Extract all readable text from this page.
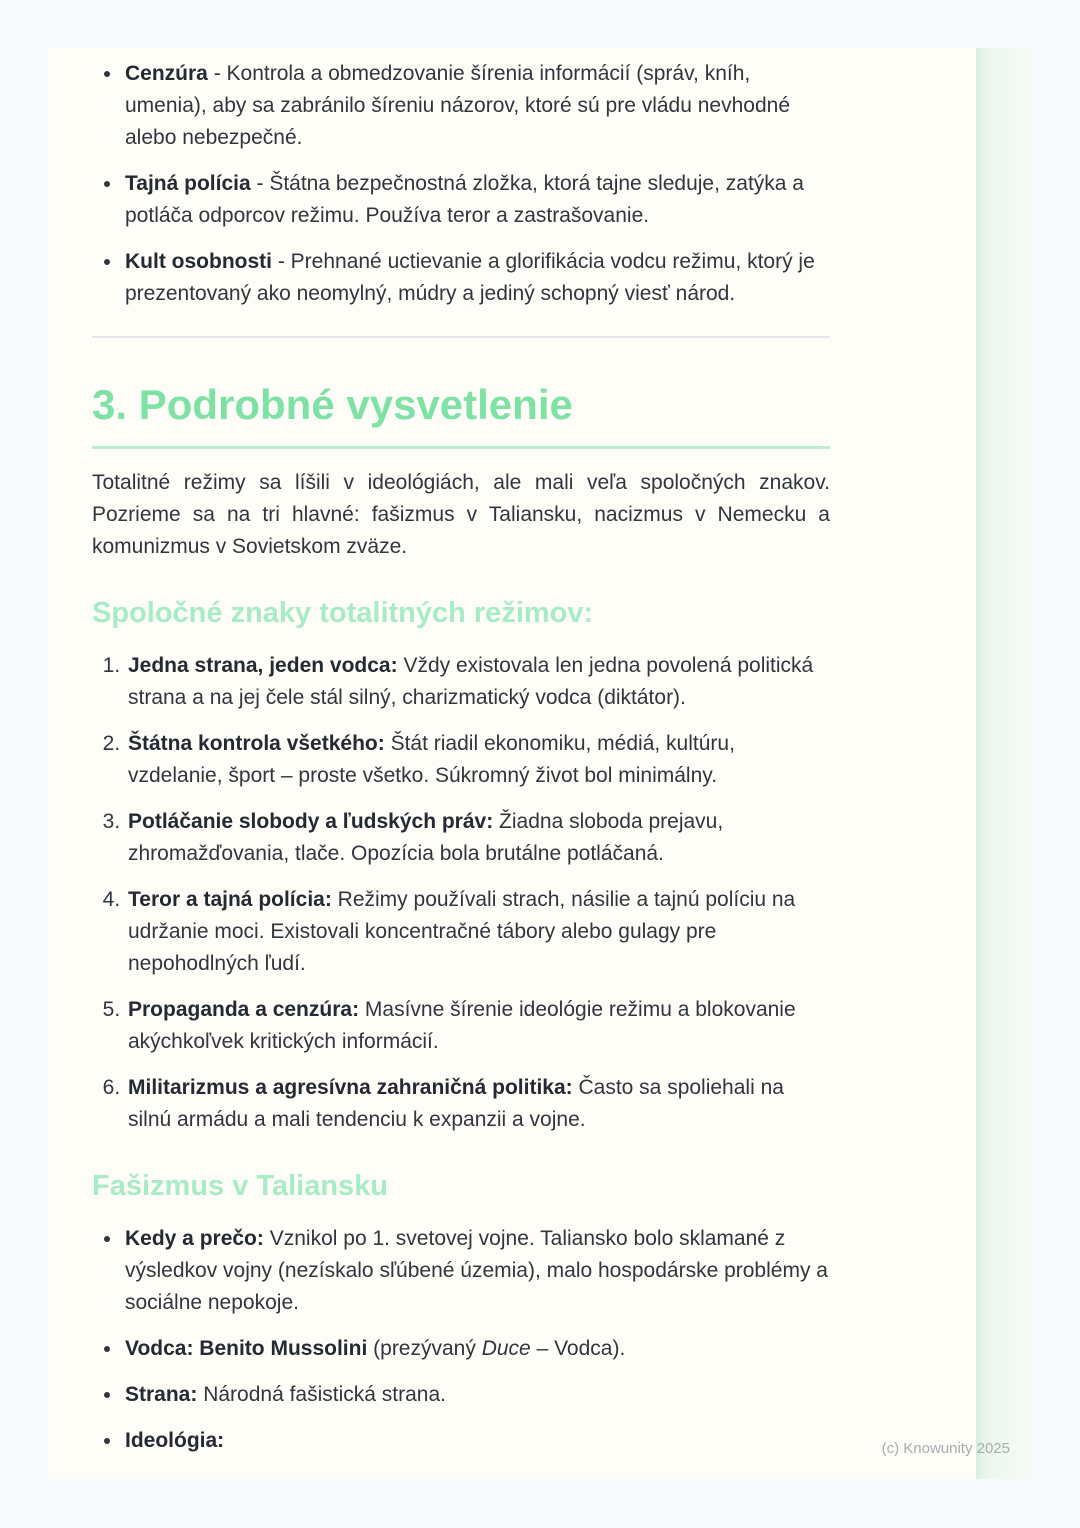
• Cenzúra - Kontrola a obmedzovanie šírenia informácií (správ, kníh, umenia), aby sa zabránilo šíreniu názorov, ktoré sú pre vládu nevhodné alebo nebezpečné.
• Tajná polícia - Štátna bezpečnostná zložka, ktorá tajne sleduje, zatýka a potláča odporcov režimu. Používa teror a zastrašovanie.
• Kult osobnosti - Prehnané uctievanie a glorifikácia vodcu režimu, ktorý je prezentovaný ako neomylný, múdry a jediný schopný viesť národ.
3. Podrobné vysvetlenie

Totalitné režimy sa líšili v ideológiách, ale mali veľa spoločných znakov. Pozrieme sa na tri hlavné: fašizmus v Taliansku, nacizmus v Nemecku a komunizmus v Sovietskom zväze.

Spoločné znaky totalitných režimov:
1. Jedna strana, jeden vodca: Vždy existovala len jedna povolená politická strana a na jej čele stál silný, charizmatický vodca (diktátor).
2. Štátna kontrola všetkého: Štát riadil ekonomiku, médiá, kultúru, vzdelanie, šport – proste všetko. Súkromný život bol minimálny.
3. Potláčanie slobody a ľudských práv: Žiadna sloboda prejavu, zhromažďovania, tlače. Opozícia bola brutálne potláčaná.
4. Teror a tajná polícia: Režimy používali strach, násilie a tajnú políciu na udržanie moci. Existovali koncentračné tábory alebo gulagy pre nepohodlných ľudí.
5. Propaganda a cenzúra: Masívne šírenie ideológie režimu a blokovanie akýchkoľvek kritických informácií.
6. Militarizmus a agresívna zahraničná politika: Často sa spoliehali na silnú armádu a mali tendenciu k expanzii a vojne.
Fašizmus v Taliansku
• Kedy a prečo: Vznikol po 1. svetovej vojne. Taliansko bolo sklamané z výsledkov vojny (nezískalo sľúbené územia), malo hospodárske problémy a sociálne nepokoje.
• Vodca: Benito Mussolini (prezývaný Duce – Vodca).
• Strana: Národná fašistická strana.
• Ideológia:	(c) Knowunity 2025
